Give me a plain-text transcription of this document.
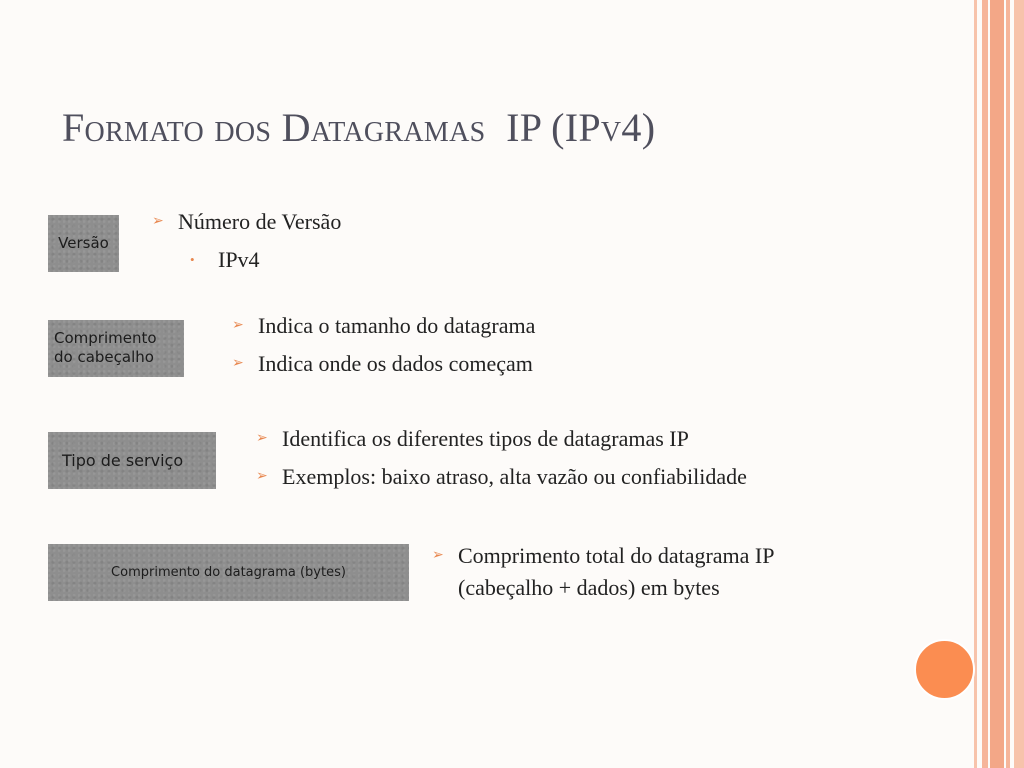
Formato dos Datagramas IP (IPv4)
Versão
➢ Número de Versão
• IPv4
Comprimento
do cabeçalho
➢ Indica o tamanho do datagrama
➢ Indica onde os dados começam
Tipo de serviço
➢ Identifica os diferentes tipos de datagramas IP
➢ Exemplos: baixo atraso, alta vazão ou confiabilidade
Comprimento do datagrama (bytes)
➢ Comprimento total do datagrama IP
(cabeçalho + dados) em bytes
